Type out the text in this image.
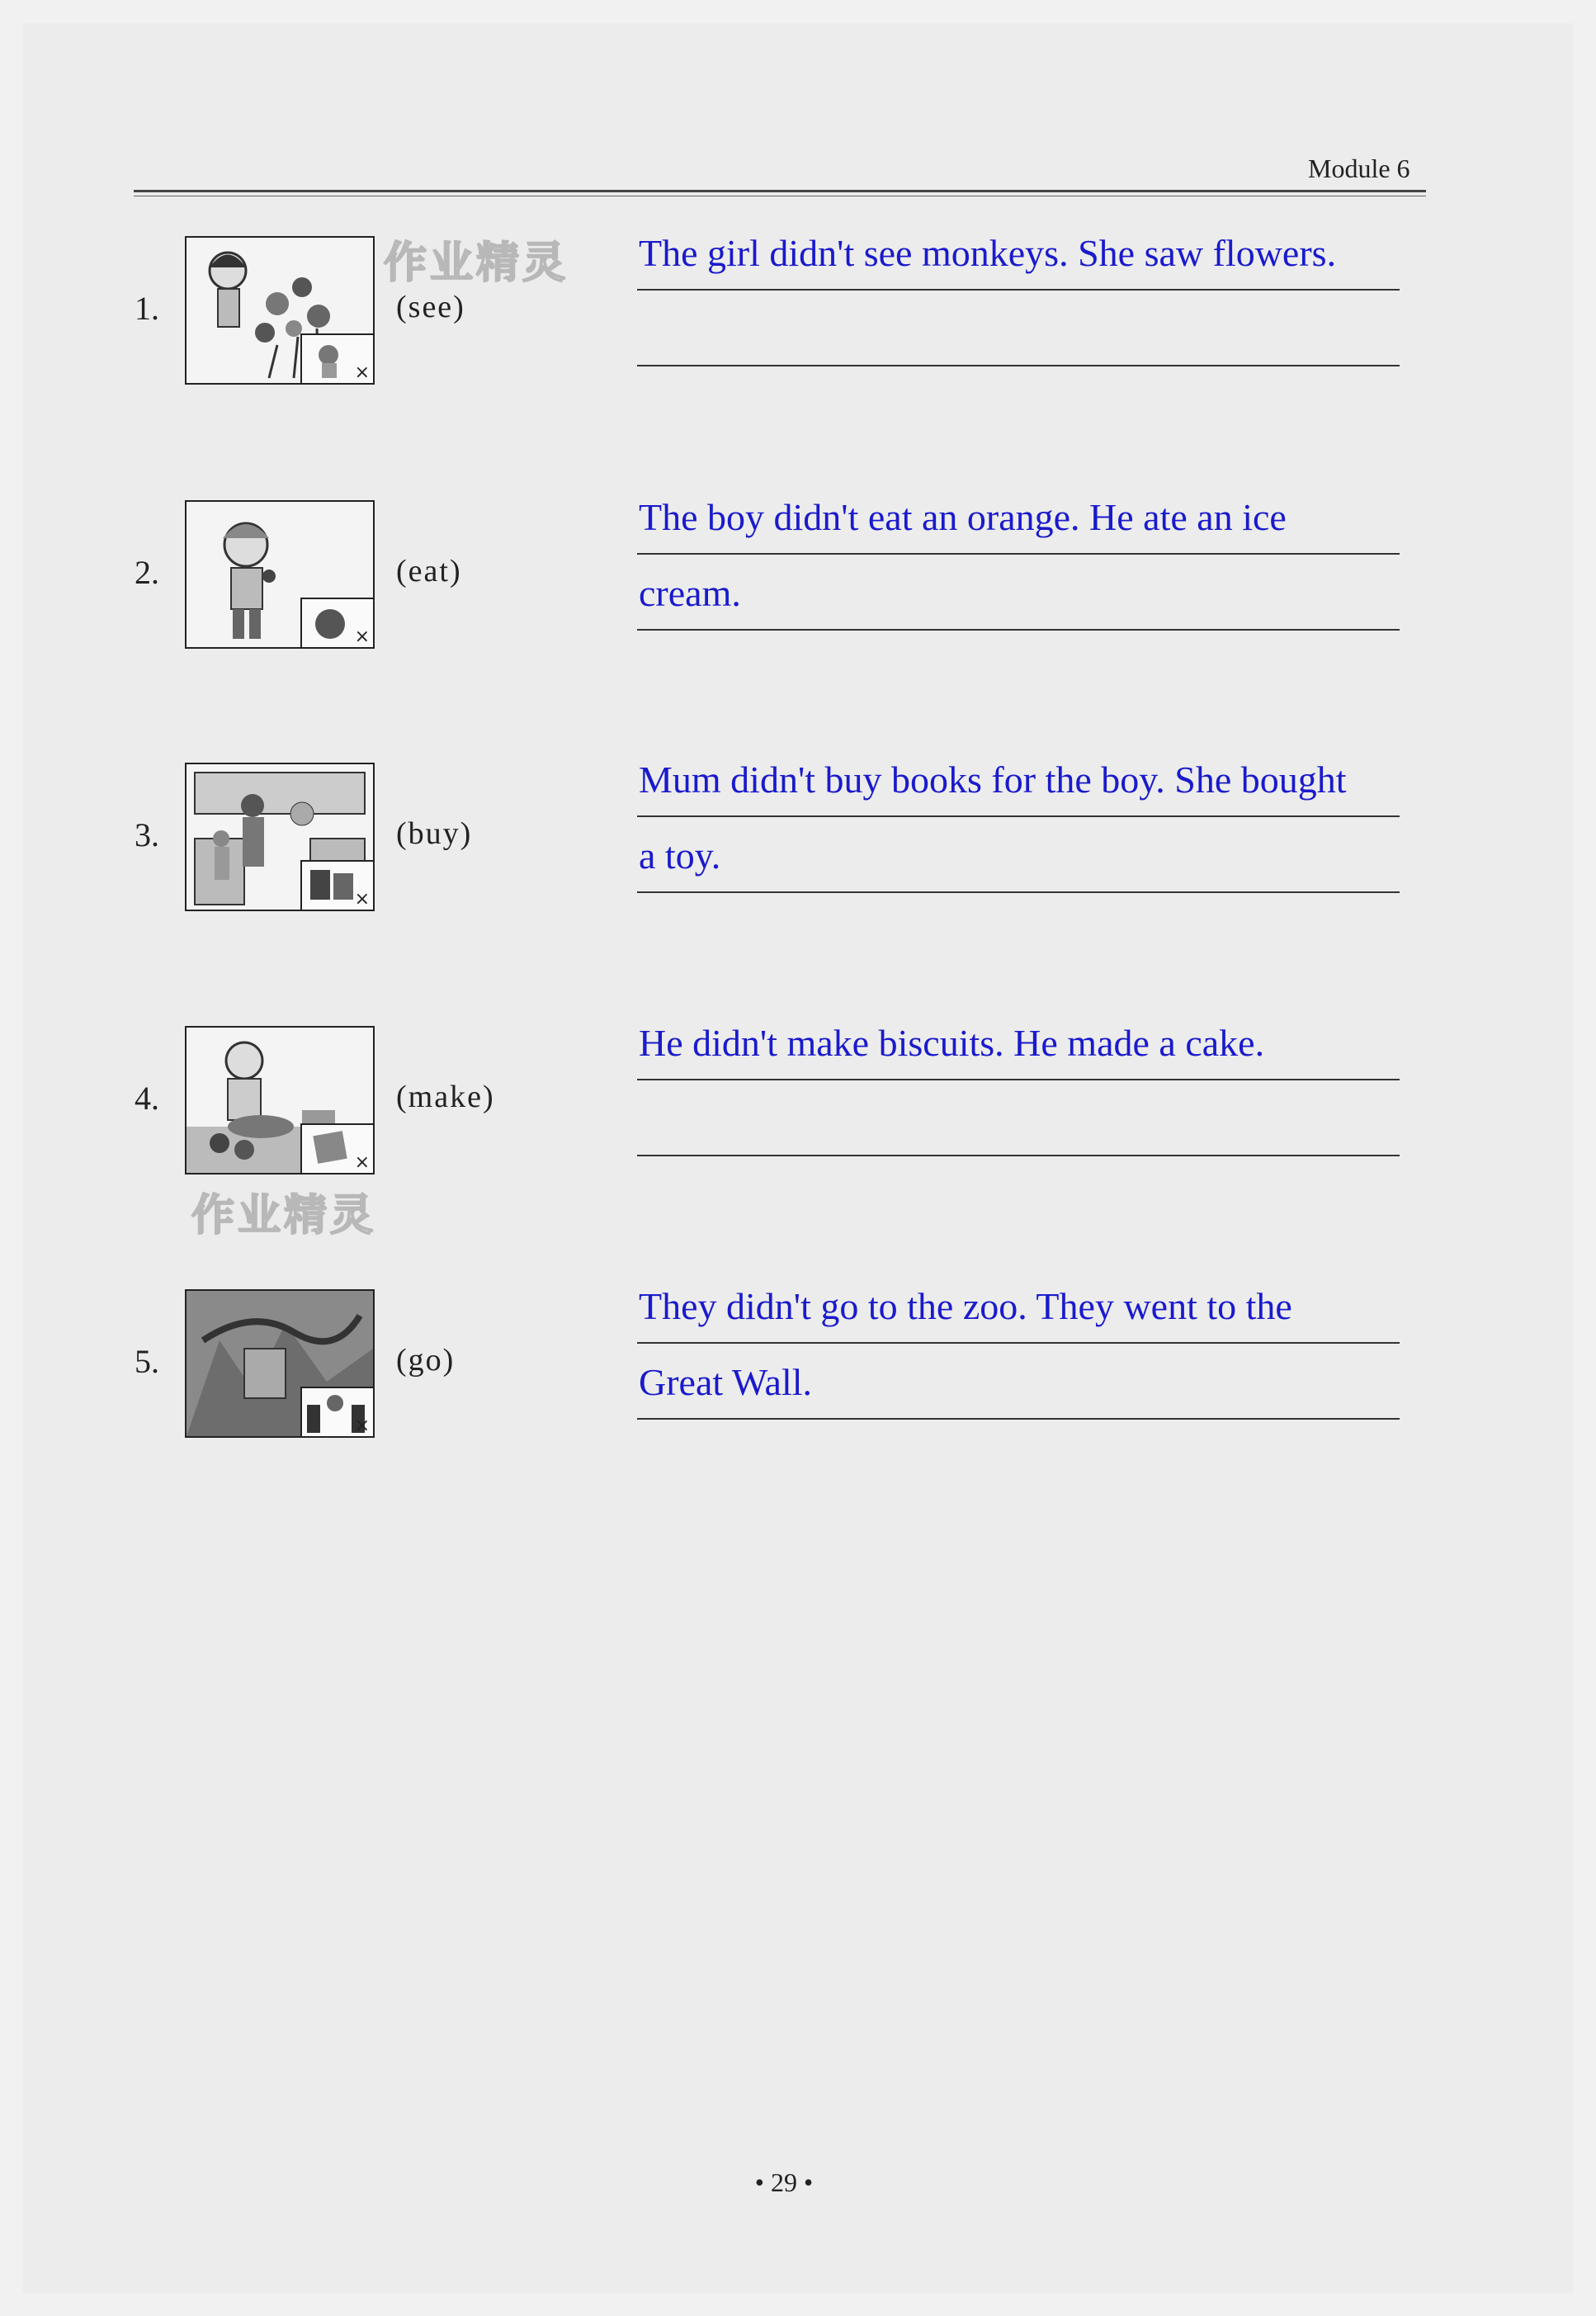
Module 6
作业精灵
作业精灵
1.
×
(see)
The girl didn't see monkeys. She saw flowers.
2.
×
(eat)
The boy didn't eat an orange. He ate an ice
cream.
3.
×
(buy)
Mum didn't buy books for the boy. She bought
a toy.
4.
×
(make)
He didn't make biscuits. He made a cake.
5.
×
(go)
They didn't go to the zoo. They went to the
Great Wall.
• 29 •
